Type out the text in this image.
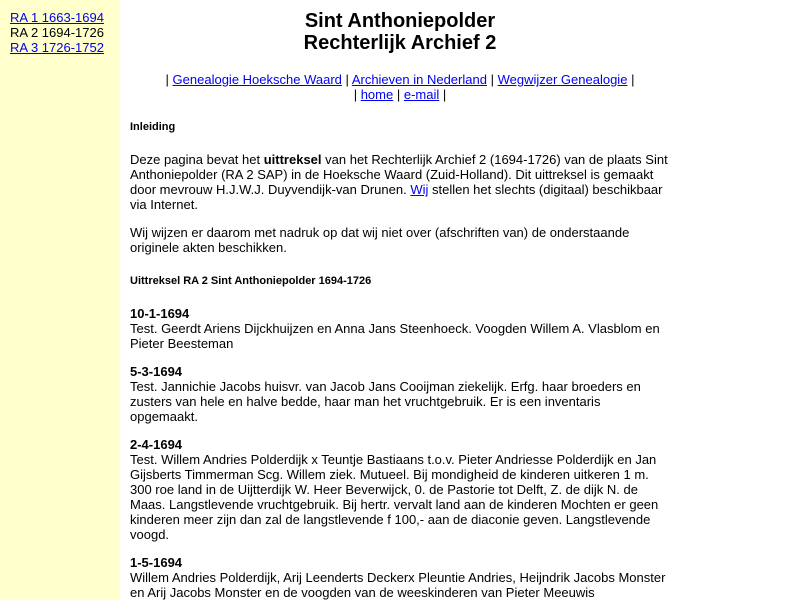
RA 1 1663-1694
RA 2 1694-1726
RA 3 1726-1752
Sint Anthoniepolder
Rechterlijk Archief 2
| Genealogie Hoeksche Waard | Archieven in Nederland | Wegwijzer Genealogie |
| home | e-mail |
Inleiding

Deze pagina bevat het uittreksel van het Rechterlijk Archief 2 (1694-1726) van de plaats Sint Anthoniepolder (RA 2 SAP) in de Hoeksche Waard (Zuid-Holland). Dit uittreksel is gemaakt door mevrouw H.J.W.J. Duyvendijk-van Drunen. Wij stellen het slechts (digitaal) beschikbaar via Internet.

Wij wijzen er daarom met nadruk op dat wij niet over (afschriften van) de onderstaande originele akten beschikken.

Uittreksel RA 2 Sint Anthoniepolder 1694-1726
10-1-1694

Test. Geerdt Ariens Dijckhuijzen en Anna Jans Steenhoeck. Voogden Willem A. Vlasblom en Pieter Beesteman

5-3-1694

Test. Jannichie Jacobs huisvr. van Jacob Jans Cooijman ziekelijk. Erfg. haar broeders en zusters van hele en halve bedde, haar man het vruchtgebruik. Er is een inventaris opgemaakt.

2-4-1694

Test. Willem Andries Polderdijk x Teuntje Bastiaans t.o.v. Pieter Andriesse Polderdijk en Jan Gijsberts Timmerman Scg. Willem ziek. Mutueel. Bij mondigheid de kinderen uitkeren 1 m. 300 roe land in de Uijtterdijk W. Heer Beverwijck, 0. de Pastorie tot Delft, Z. de dijk N. de Maas. Langstlevende vruchtgebruik. Bij hertr. vervalt land aan de kinderen Mochten er geen kinderen meer zijn dan zal de langstlevende f 100,- aan de diaconie geven. Langstlevende voogd.

1-5-1694

Willem Andries Polderdijk, Arij Leenderts Deckerx Pleuntie Andries, Heijndrik Jacobs Monster en Arij Jacobs Monster en de voogden van de weeskinderen van Pieter Meeuwis
